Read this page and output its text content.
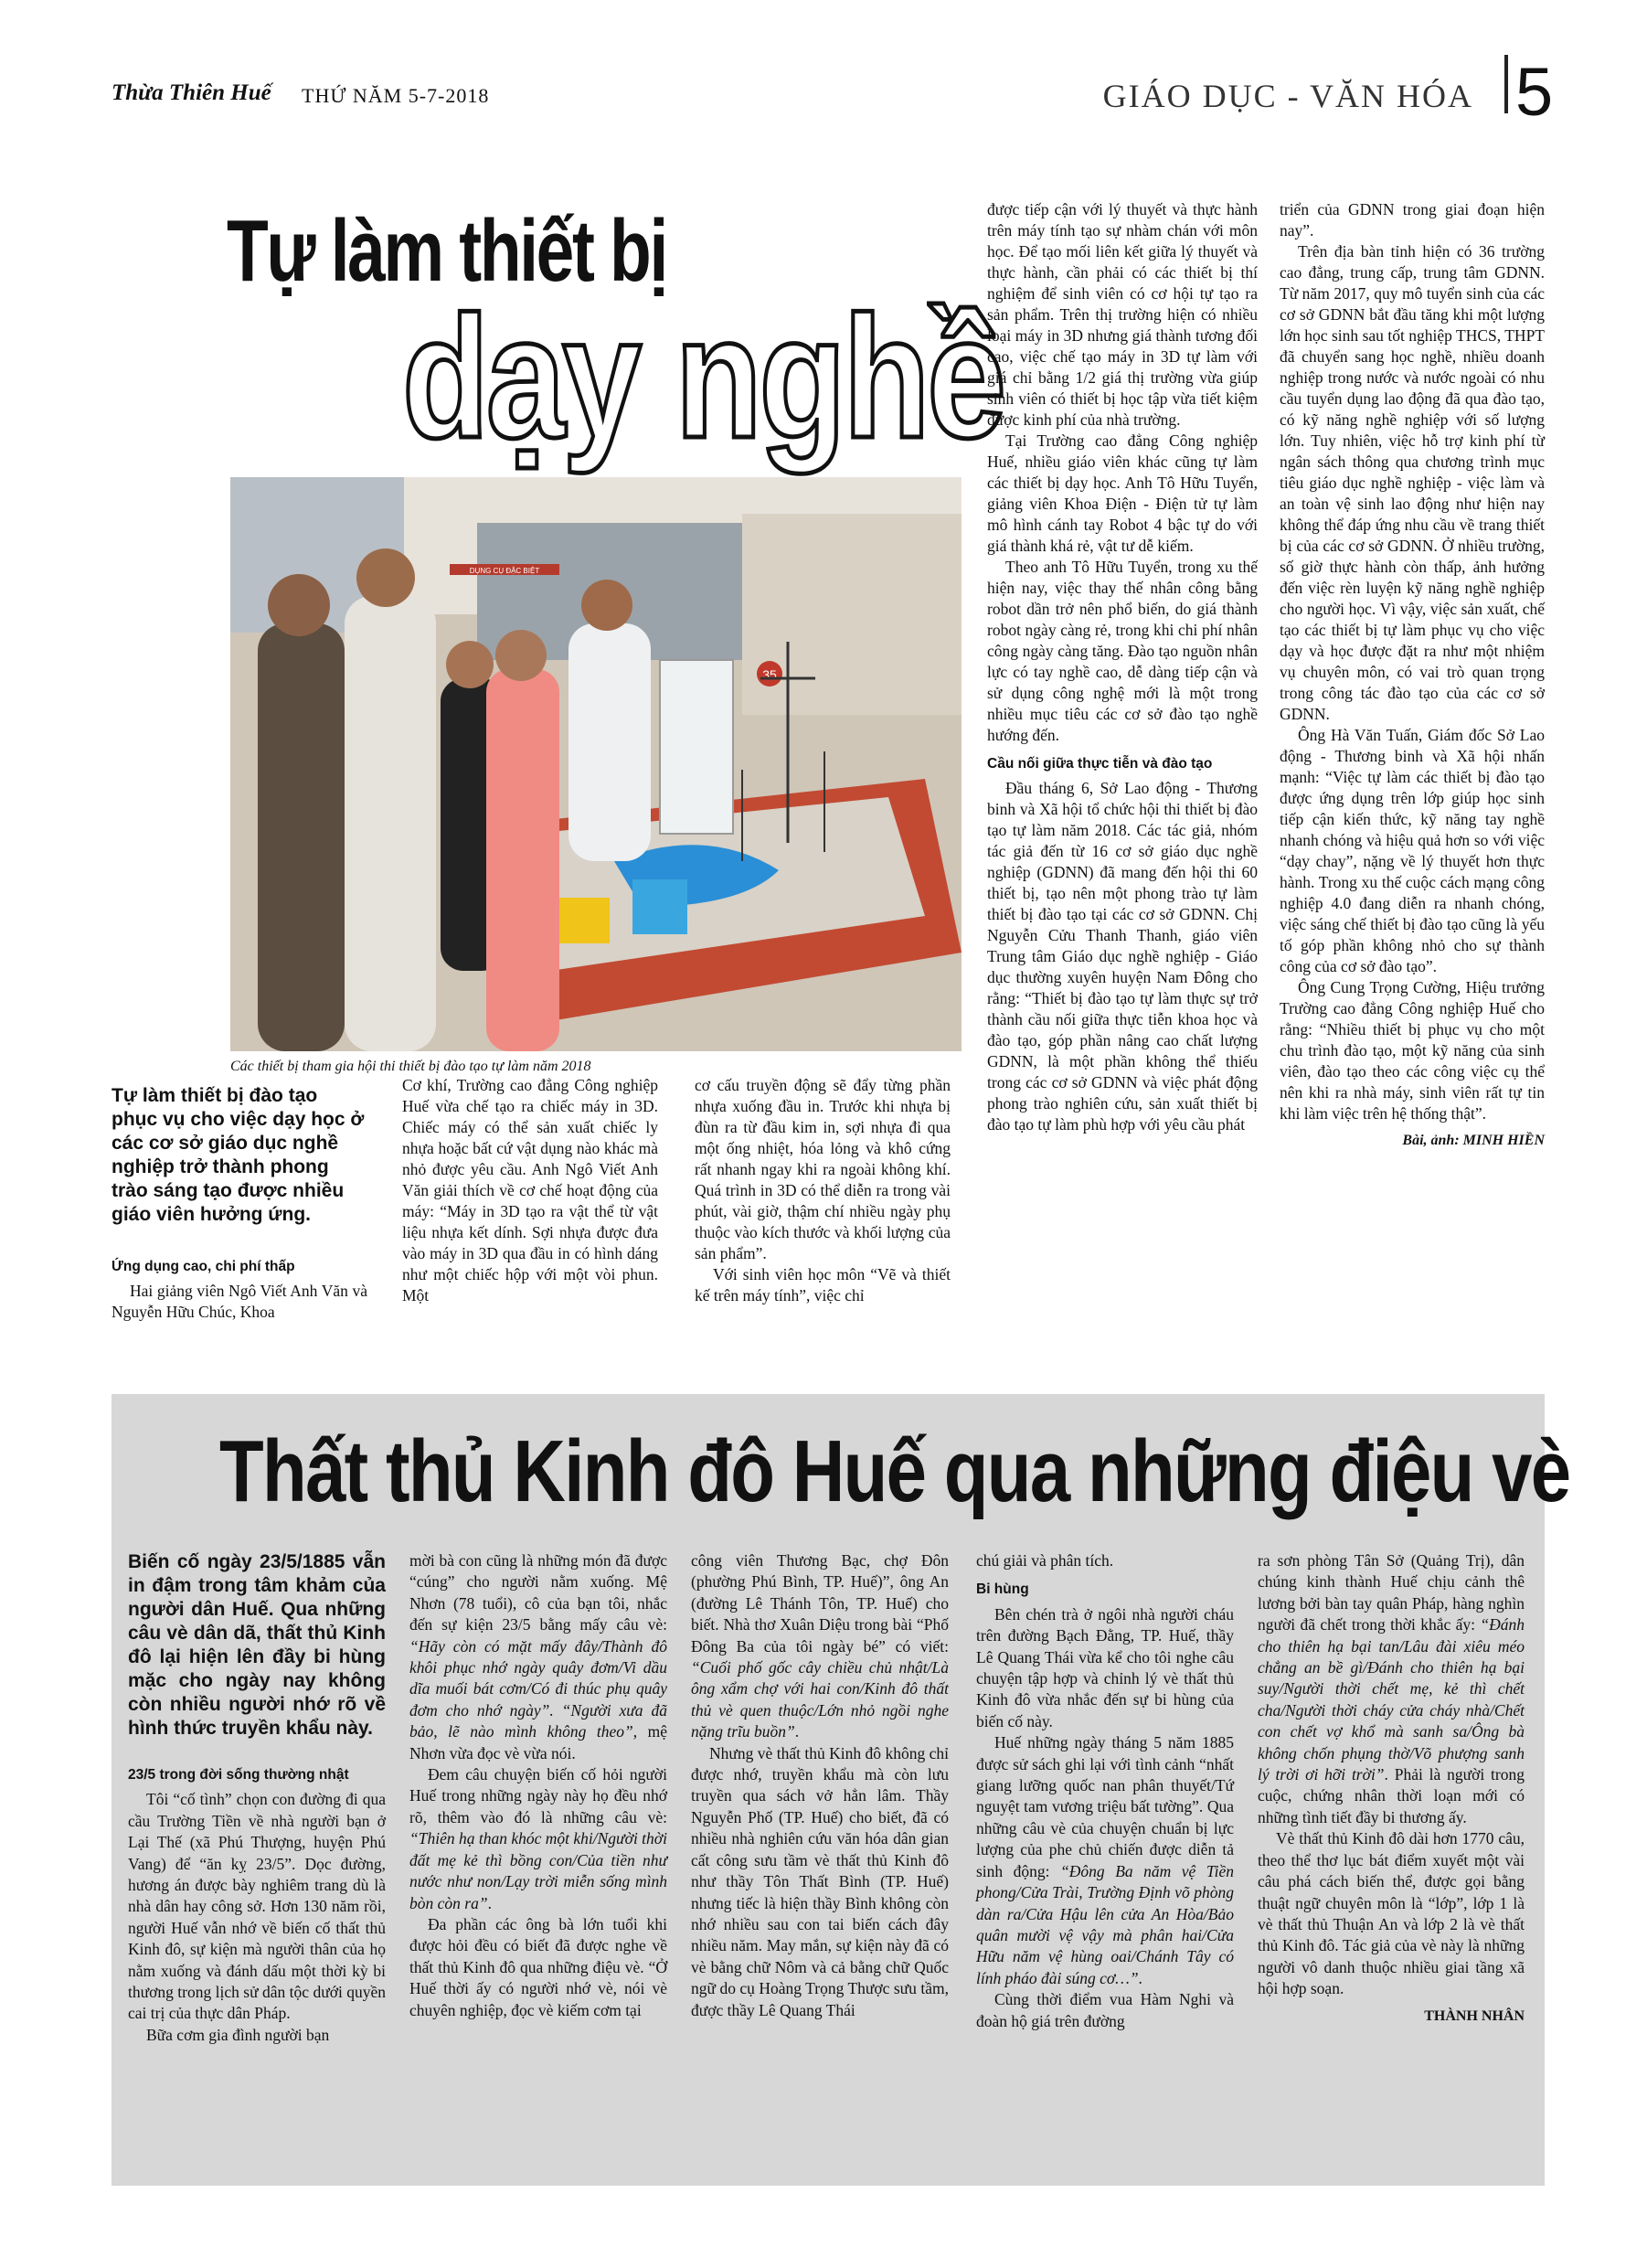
Thừa Thiên Huế THỨ NĂM 5-7-2018	GIÁO DỤC - VĂN HÓA 5
Tự làm thiết bị
dạy nghề
DỤNG CỤ ĐẶC BIỆT
35
Các thiết bị tham gia hội thi thiết bị đào tạo tự làm năm 2018

Tự làm thiết bị đào tạo phục vụ cho việc dạy học ở các cơ sở giáo dục nghề nghiệp trở thành phong trào sáng tạo được nhiều giáo viên hưởng ứng.

Ứng dụng cao, chi phí thấp

Hai giảng viên Ngô Viết Anh Văn và Nguyễn Hữu Chúc, Khoa

Cơ khí, Trường cao đẳng Công nghiệp Huế vừa chế tạo ra chiếc máy in 3D. Chiếc máy có thể sản xuất chiếc ly nhựa hoặc bất cứ vật dụng nào khác mà nhỏ được yêu cầu. Anh Ngô Viết Anh Văn giải thích về cơ chế hoạt động của máy: “Máy in 3D tạo ra vật thể từ vật liệu nhựa kết dính. Sợi nhựa được đưa vào máy in 3D qua đầu in có hình dáng như một chiếc hộp với một vòi phun. Một

cơ cấu truyền động sẽ đẩy từng phần nhựa xuống đầu in. Trước khi nhựa bị đùn ra từ đầu kim in, sợi nhựa đi qua một ống nhiệt, hóa lỏng và khô cứng rất nhanh ngay khi ra ngoài không khí. Quá trình in 3D có thể diễn ra trong vài phút, vài giờ, thậm chí nhiều ngày phụ thuộc vào kích thước và khối lượng của sản phẩm”.

Với sinh viên học môn “Vẽ và thiết kế trên máy tính”, việc chỉ

được tiếp cận với lý thuyết và thực hành trên máy tính tạo sự nhàm chán với môn học. Để tạo mối liên kết giữa lý thuyết và thực hành, cần phải có các thiết bị thí nghiệm để sinh viên có cơ hội tự tạo ra sản phẩm. Trên thị trường hiện có nhiều loại máy in 3D nhưng giá thành tương đối cao, việc chế tạo máy in 3D tự làm với giá chỉ bằng 1/2 giá thị trường vừa giúp sinh viên có thiết bị học tập vừa tiết kiệm được kinh phí của nhà trường.

Tại Trường cao đẳng Công nghiệp Huế, nhiều giáo viên khác cũng tự làm các thiết bị dạy học. Anh Tô Hữu Tuyển, giảng viên Khoa Điện - Điện tử tự làm mô hình cánh tay Robot 4 bậc tự do với giá thành khá rẻ, vật tư dễ kiếm.

Theo anh Tô Hữu Tuyển, trong xu thế hiện nay, việc thay thế nhân công bằng robot dần trở nên phổ biến, do giá thành robot ngày càng rẻ, trong khi chi phí nhân công ngày càng tăng. Đào tạo nguồn nhân lực có tay nghề cao, dễ dàng tiếp cận và sử dụng công nghệ mới là một trong nhiều mục tiêu các cơ sở đào tạo nghề hướng đến.

Cầu nối giữa thực tiễn và đào tạo

Đầu tháng 6, Sở Lao động - Thương binh và Xã hội tổ chức hội thi thiết bị đào tạo tự làm năm 2018. Các tác giả, nhóm tác giả đến từ 16 cơ sở giáo dục nghề nghiệp (GDNN) đã mang đến hội thi 60 thiết bị, tạo nên một phong trào tự làm thiết bị đào tạo tại các cơ sở GDNN. Chị Nguyễn Cửu Thanh Thanh, giáo viên Trung tâm Giáo dục nghề nghiệp - Giáo dục thường xuyên huyện Nam Đông cho rằng: “Thiết bị đào tạo tự làm thực sự trở thành cầu nối giữa thực tiễn khoa học và đào tạo, góp phần nâng cao chất lượng GDNN, là một phần không thể thiếu trong các cơ sở GDNN và việc phát động phong trào nghiên cứu, sản xuất thiết bị đào tạo tự làm phù hợp với yêu cầu phát

triển của GDNN trong giai đoạn hiện nay”.

Trên địa bàn tỉnh hiện có 36 trường cao đẳng, trung cấp, trung tâm GDNN. Từ năm 2017, quy mô tuyển sinh của các cơ sở GDNN bắt đầu tăng khi một lượng lớn học sinh sau tốt nghiệp THCS, THPT đã chuyển sang học nghề, nhiều doanh nghiệp trong nước và nước ngoài có nhu cầu tuyển dụng lao động đã qua đào tạo, có kỹ năng nghề nghiệp với số lượng lớn. Tuy nhiên, việc hỗ trợ kinh phí từ ngân sách thông qua chương trình mục tiêu giáo dục nghề nghiệp - việc làm và an toàn vệ sinh lao động như hiện nay không thể đáp ứng nhu cầu về trang thiết bị của các cơ sở GDNN. Ở nhiều trường, số giờ thực hành còn thấp, ảnh hưởng đến việc rèn luyện kỹ năng nghề nghiệp cho người học. Vì vậy, việc sản xuất, chế tạo các thiết bị tự làm phục vụ cho việc dạy và học được đặt ra như một nhiệm vụ chuyên môn, có vai trò quan trọng trong công tác đào tạo của các cơ sở GDNN.

Ông Hà Văn Tuấn, Giám đốc Sở Lao động - Thương binh và Xã hội nhấn mạnh: “Việc tự làm các thiết bị đào tạo được ứng dụng trên lớp giúp học sinh tiếp cận kiến thức, kỹ năng tay nghề nhanh chóng và hiệu quả hơn so với việc “dạy chay”, nặng về lý thuyết hơn thực hành. Trong xu thế cuộc cách mạng công nghiệp 4.0 đang diễn ra nhanh chóng, việc sáng chế thiết bị đào tạo cũng là yếu tố góp phần không nhỏ cho sự thành công của cơ sở đào tạo”.

Ông Cung Trọng Cường, Hiệu trưởng Trường cao đẳng Công nghiệp Huế cho rằng: “Nhiều thiết bị phục vụ cho một chu trình đào tạo, một kỹ năng của sinh viên, đào tạo theo các công việc cụ thể nên khi ra nhà máy, sinh viên rất tự tin khi làm việc trên hệ thống thật”.

Bài, ảnh: MINH HIỀN
Thất thủ Kinh đô Huế qua những điệu vè

Biến cố ngày 23/5/1885 vẫn in đậm trong tâm khảm của người dân Huế. Qua những câu vè dân dã, thất thủ Kinh đô lại hiện lên đầy bi hùng mặc cho ngày nay không còn nhiều người nhớ rõ về hình thức truyền khẩu này.

23/5 trong đời sống thường nhật

Tôi “cố tình” chọn con đường đi qua cầu Trường Tiền về nhà người bạn ở Lại Thế (xã Phú Thượng, huyện Phú Vang) để “ăn kỵ 23/5”. Dọc đường, hương án được bày nghiêm trang dù là nhà dân hay công sở. Hơn 130 năm rồi, người Huế vẫn nhớ về biến cố thất thủ Kinh đô, sự kiện mà người thân của họ nằm xuống và đánh dấu một thời kỳ bi thương trong lịch sử dân tộc dưới quyền cai trị của thực dân Pháp.

Bữa cơm gia đình người bạn

mời bà con cũng là những món đã được “cúng” cho người nằm xuống. Mệ Nhơn (78 tuổi), cô của bạn tôi, nhắc đến sự kiện 23/5 bằng mấy câu vè: “Hãy còn có mặt mấy đây/Thành đô khôi phục nhớ ngày quây đơm/Vi dầu dĩa muối bát cơm/Có đi thúc phụ quây đơm cho nhớ ngày”. “Người xưa đã bảo, lẽ nào mình không theo”, mệ Nhơn vừa đọc vè vừa nói.

Đem câu chuyện biến cố hỏi người Huế trong những ngày này họ đều nhớ rõ, thêm vào đó là những câu vè: “Thiên hạ than khóc một khi/Người thời đất mẹ kẻ thì bồng con/Của tiền như nước như non/Lạy trời miễn sống mình bòn còn ra”.

Đa phần các ông bà lớn tuổi khi được hỏi đều có biết đã được nghe về thất thủ Kinh đô qua những điệu vè. “Ở Huế thời ấy có người nhớ vè, nói vè chuyên nghiệp, đọc vè kiếm cơm tại

công viên Thương Bạc, chợ Đôn (phường Phú Bình, TP. Huế)”, ông An (đường Lê Thánh Tôn, TP. Huế) cho biết. Nhà thơ Xuân Diệu trong bài “Phố Đông Ba của tôi ngày bé” có viết: “Cuối phố gốc cây chiều chủ nhật/Là ông xẩm chợ với hai con/Kinh đô thất thủ vè quen thuộc/Lớn nhỏ ngồi nghe nặng trĩu buồn”.

Nhưng vè thất thủ Kinh đô không chỉ được nhớ, truyền khẩu mà còn lưu truyền qua sách vở hẳn lâm. Thầy Nguyễn Phố (TP. Huế) cho biết, đã có nhiều nhà nghiên cứu văn hóa dân gian cất công sưu tầm vè thất thủ Kinh đô như thầy Tôn Thất Bình (TP. Huế) nhưng tiếc là hiện thầy Bình không còn nhớ nhiều sau con tai biến cách đây nhiều năm. May mắn, sự kiện này đã có vè bằng chữ Nôm và cả bằng chữ Quốc ngữ do cụ Hoàng Trọng Thược sưu tầm, được thầy Lê Quang Thái

chú giải và phân tích.

Bi hùng

Bên chén trà ở ngôi nhà người cháu trên đường Bạch Đằng, TP. Huế, thầy Lê Quang Thái vừa kể cho tôi nghe câu chuyện tập hợp và chỉnh lý vè thất thủ Kinh đô vừa nhắc đến sự bi hùng của biến cố này.

Huế những ngày tháng 5 năm 1885 được sử sách ghi lại với tình cảnh “nhất giang lưỡng quốc nan phân thuyết/Tứ nguyệt tam vương triệu bất tường”. Qua những câu vè của chuyện chuẩn bị lực lượng của phe chủ chiến được diễn tả sinh động: “Đông Ba năm vệ Tiền phong/Cửa Trài, Trường Định võ phòng dàn ra/Cửa Hậu lên cửa An Hòa/Bảo quân mười vệ vậy mà phân hai/Cửa Hữu năm vệ hùng oai/Chánh Tây có lính pháo đài súng cơ…”.

Cùng thời điểm vua Hàm Nghi và đoàn hộ giá trên đường

ra sơn phòng Tân Sở (Quảng Trị), dân chúng kinh thành Huế chịu cảnh thê lương bởi bàn tay quân Pháp, hàng nghìn người đã chết trong thời khắc ấy: “Đánh cho thiên hạ bại tan/Lâu đài xiêu méo chẳng an bề gì/Đánh cho thiên hạ bại suy/Người thời chết mẹ, kẻ thì chết cha/Người thời cháy cửa cháy nhà/Chết con chết vợ khổ mà sanh sa/Ông bà không chốn phụng thờ/Võ phượng sanh lý trời ơi hỡi trời”. Phải là người trong cuộc, chứng nhân thời loạn mới có những tình tiết đầy bi thương ấy.

Vè thất thủ Kinh đô dài hơn 1770 câu, theo thể thơ lục bát điểm xuyết một vài câu phá cách biến thể, được gọi bằng thuật ngữ chuyên môn là “lớp”, lớp 1 là vè thất thủ Thuận An và lớp 2 là vè thất thủ Kinh đô. Tác giả của vè này là những người vô danh thuộc nhiều giai tầng xã hội hợp soạn.

THÀNH NHÂN
